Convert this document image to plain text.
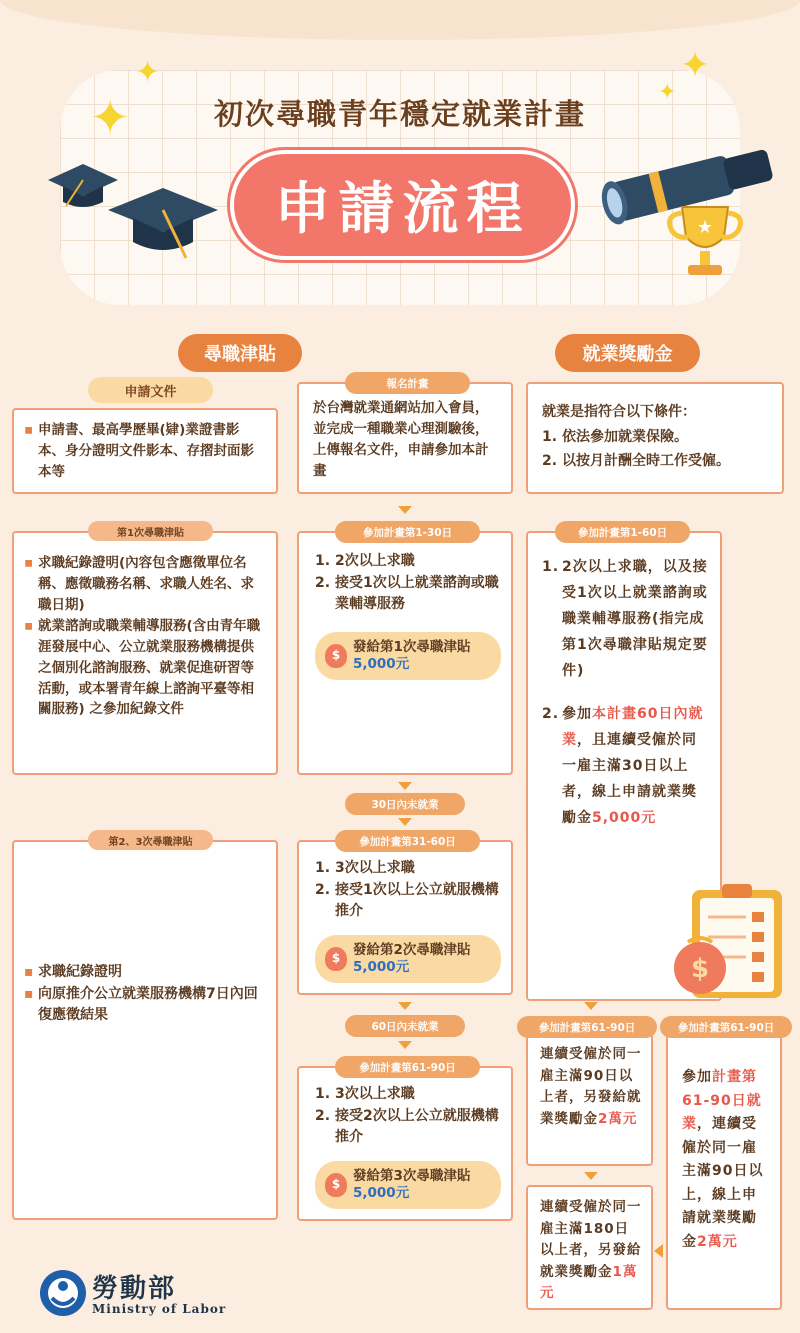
✦
✦
✦
✦
★
初次尋職青年穩定就業計畫
申請流程
尋職津貼	就業獎勵金
申請文件
▪ 申請書、最高學歷畢(肄)業證書影本、身分證明文件影本、存摺封面影本等
於台灣就業通網站加入會員，並完成一種職業心理測驗後，上傳報名文件，申請參加本計畫
報名計畫
就業是指符合以下條件：
1. 依法參加就業保險。
2. 以按月計酬全時工作受僱。
▪ 求職紀錄證明(內容包含應徵單位名稱、應徵職務名稱、求職人姓名、求職日期)
▪ 就業諮詢或職業輔導服務(含由青年職涯發展中心、公立就業服務機構提供之個別化諮詢服務、就業促進研習等活動，或本署青年線上諮詢平臺等相關服務) 之參加紀錄文件
第1次尋職津貼
1. 2次以上求職
2. 接受1次以上就業諮詢或職業輔導服務
$
發給第1次尋職津貼
5,000元
參加計畫第1-30日
1. 2次以上求職，以及接受1次以上就業諮詢或職業輔導服務(指完成第1次尋職津貼規定要件)
2. 參加本計畫60日內就業，且連續受僱於同一雇主滿30日以上者，線上申請就業獎勵金5,000元
參加計畫第1-60日
$
30日內未就業
▪ 求職紀錄證明
▪ 向原推介公立就業服務機構7日內回復應徵結果
第2、3次尋職津貼
1. 3次以上求職
2. 接受1次以上公立就服機構推介
$
發給第2次尋職津貼
5,000元
參加計畫第31-60日
60日內未就業
1. 3次以上求職
2. 接受2次以上公立就服機構推介
$
發給第3次尋職津貼
5,000元
參加計畫第61-90日
連續受僱於同一雇主滿90日以上者，另發給就業獎勵金2萬元
參加計畫第61-90日
連續受僱於同一雇主滿180日以上者，另發給就業獎勵金1萬元
參加計畫第61-90日就業，連續受僱於同一雇主滿90日以上，線上申請就業獎勵金2萬元
參加計畫第61-90日
勞動部
Ministry of Labor
